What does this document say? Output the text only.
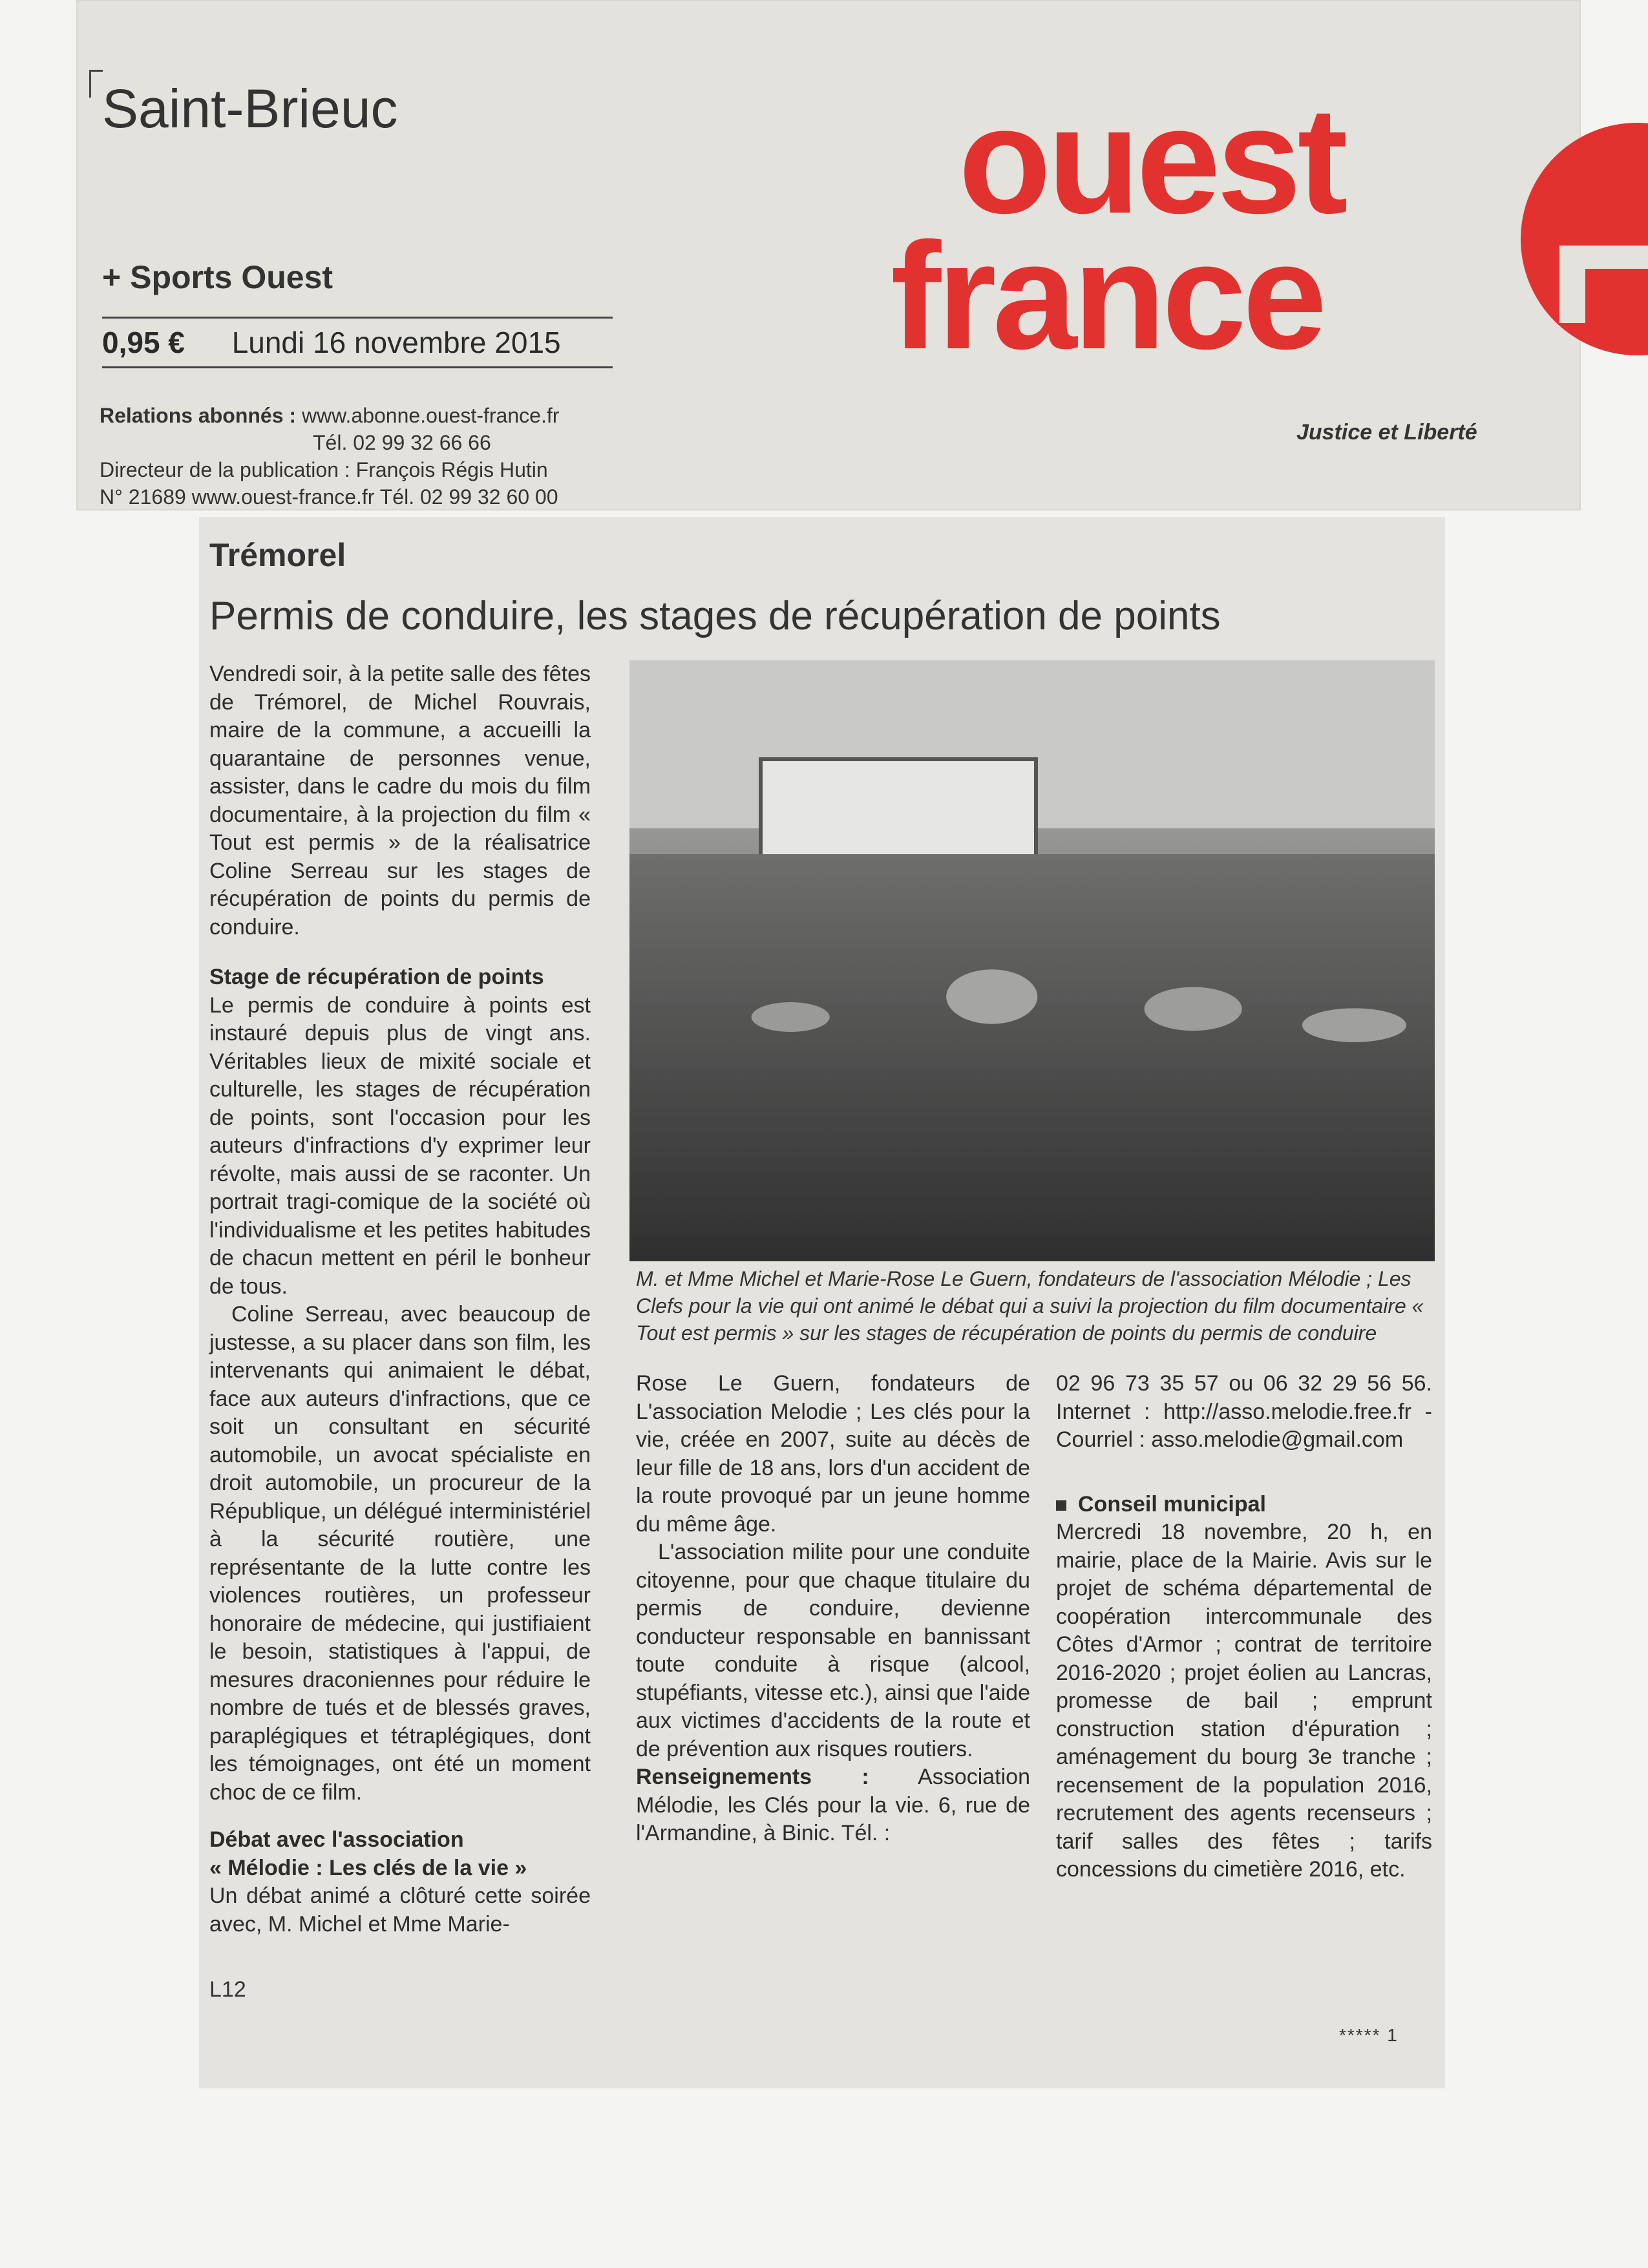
Saint-Brieuc
+ Sports Ouest
0,95 € Lundi 16 novembre 2015
Relations abonnés : www.abonne.ouest-france.fr
Tél. 02 99 32 66 66
Directeur de la publication : François Régis Hutin
N° 21689 www.ouest-france.fr Tél. 02 99 32 60 00
ouest
france
Justice et Liberté
Trémorel
Permis de conduire, les stages de récupération de points

Vendredi soir, à la petite salle des fêtes de Trémorel, de Michel Rouvrais, maire de la commune, a accueilli la quarantaine de personnes venue, assister, dans le cadre du mois du film documentaire, à la projection du film « Tout est permis » de la réalisatrice Coline Serreau sur les stages de récupération de points du permis de conduire.

Stage de récupération de points

Le permis de conduire à points est instauré depuis plus de vingt ans. Véritables lieux de mixité sociale et culturelle, les stages de récupération de points, sont l'occasion pour les auteurs d'infractions d'y exprimer leur révolte, mais aussi de se raconter. Un portrait tragi-comique de la société où l'individualisme et les petites habitudes de chacun mettent en péril le bonheur de tous.

Coline Serreau, avec beaucoup de justesse, a su placer dans son film, les intervenants qui animaient le débat, face aux auteurs d'infractions, que ce soit un consultant en sécurité automobile, un avocat spécialiste en droit automobile, un procureur de la République, un délégué interministériel à la sécurité routière, une représentante de la lutte contre les violences routières, un professeur honoraire de médecine, qui justifiaient le besoin, statistiques à l'appui, de mesures draconiennes pour réduire le nombre de tués et de blessés graves, paraplégiques et tétraplégiques, dont les témoignages, ont été un moment choc de ce film.

Débat avec l'association

« Mélodie : Les clés de la vie »

Un débat animé a clôturé cette soirée avec, M. Michel et Mme Marie-

M. et Mme Michel et Marie-Rose Le Guern, fondateurs de l'association Mélodie ; Les Clefs pour la vie qui ont animé le débat qui a suivi la projection du film documentaire « Tout est permis » sur les stages de récupération de points du permis de conduire

Rose Le Guern, fondateurs de L'association Melodie ; Les clés pour la vie, créée en 2007, suite au décès de leur fille de 18 ans, lors d'un accident de la route provoqué par un jeune homme du même âge.

L'association milite pour une conduite citoyenne, pour que chaque titulaire du permis de conduire, devienne conducteur responsable en bannissant toute conduite à risque (alcool, stupéfiants, vitesse etc.), ainsi que l'aide aux victimes d'accidents de la route et de prévention aux risques routiers.

Renseignements : Association Mélodie, les Clés pour la vie. 6, rue de l'Armandine, à Binic. Tél. :

02 96 73 35 57 ou 06 32 29 56 56. Internet : http://asso.melodie.free.fr - Courriel : asso.melodie@gmail.com

Conseil municipal

Mercredi 18 novembre, 20 h, en mairie, place de la Mairie. Avis sur le projet de schéma départemental de coopération intercommunale des Côtes d'Armor ; contrat de territoire 2016-2020 ; projet éolien au Lancras, promesse de bail ; emprunt construction station d'épuration ; aménagement du bourg 3e tranche ; recensement de la population 2016, recrutement des agents recenseurs ; tarif salles des fêtes ; tarifs concessions du cimetière 2016, etc.

L12
***** 1
